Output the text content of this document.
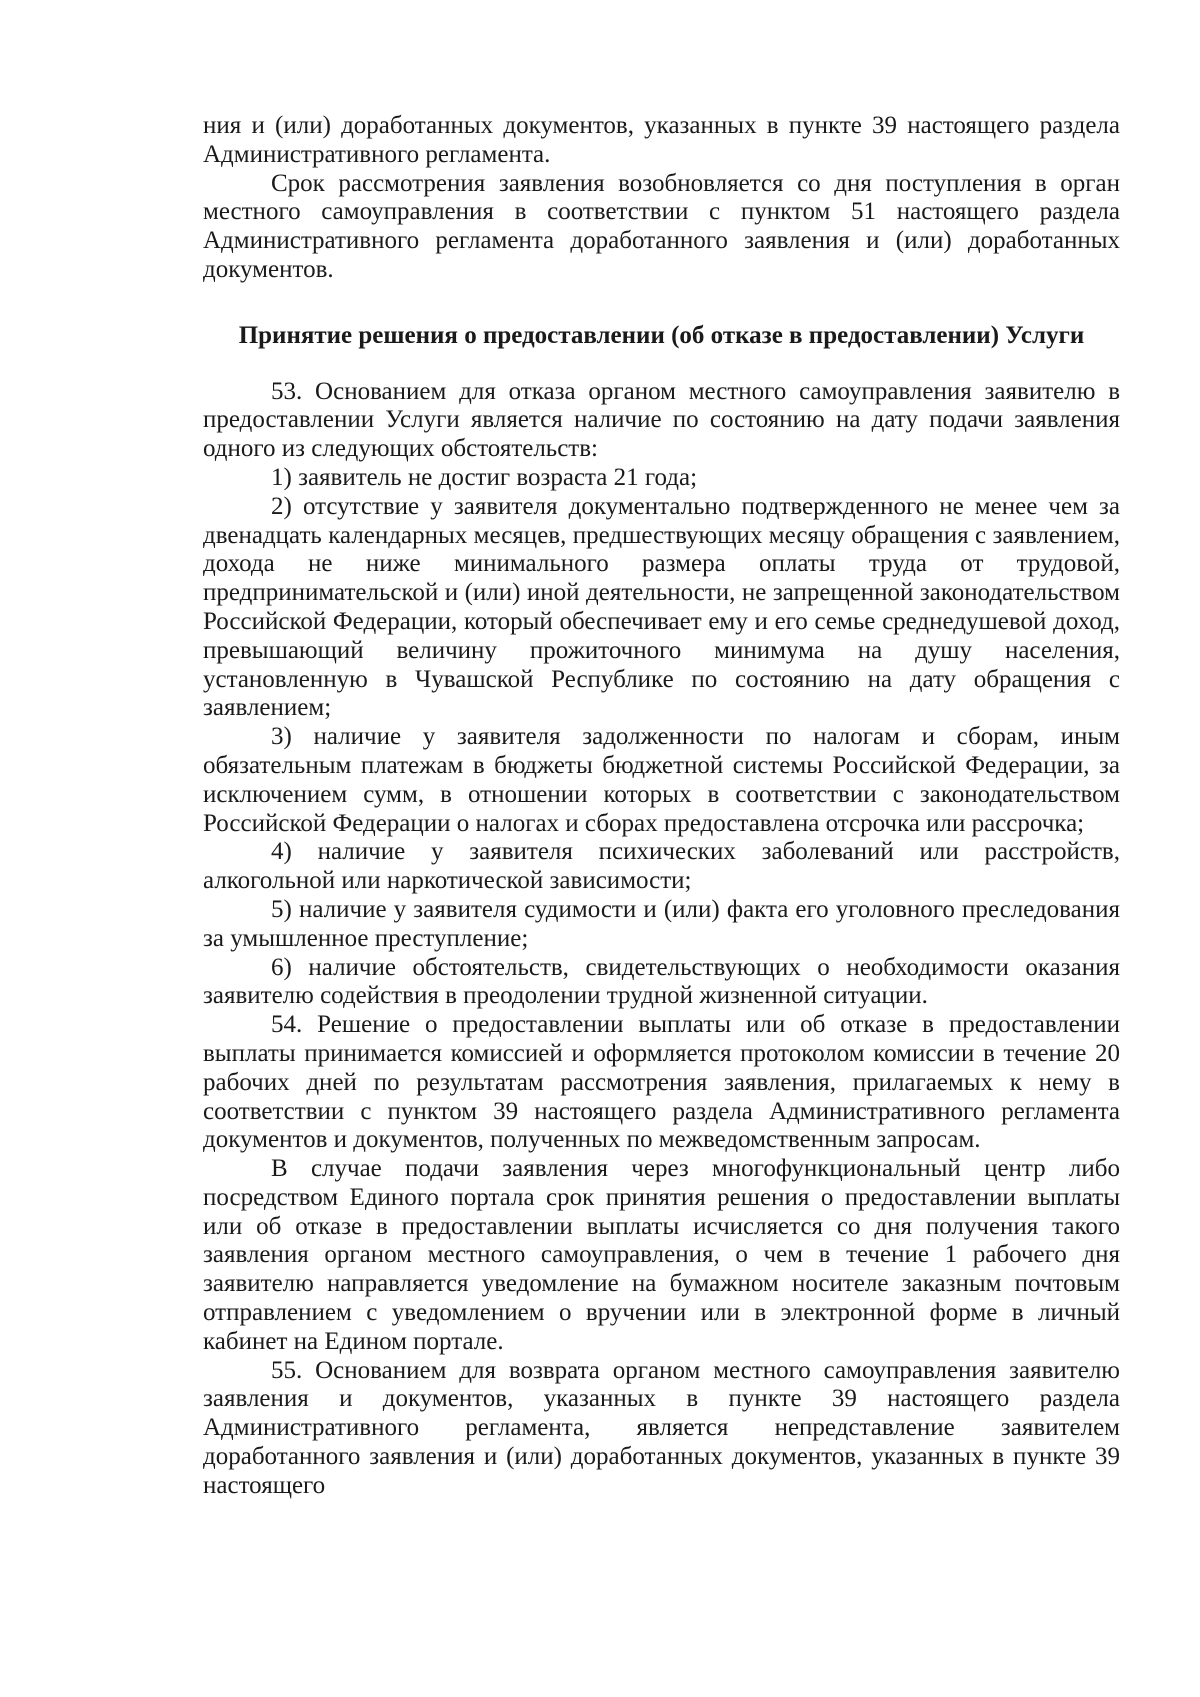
ния и (или) доработанных документов, указанных в пункте 39 настоящего раздела Административного регламента.

Срок рассмотрения заявления возобновляется со дня поступления в орган местного самоуправления в соответствии с пунктом 51 настоящего раздела Административного регламента доработанного заявления и (или) доработанных документов.

Принятие решения о предоставлении (об отказе в предоставлении) Услуги

53. Основанием для отказа органом местного самоуправления заявителю в предоставлении Услуги является наличие по состоянию на дату подачи заявления одного из следующих обстоятельств:

1) заявитель не достиг возраста 21 года;

2) отсутствие у заявителя документально подтвержденного не менее чем за двенадцать календарных месяцев, предшествующих месяцу обращения с заявлением, дохода не ниже минимального размера оплаты труда от трудовой, предпринимательской и (или) иной деятельности, не запрещенной законодательством Российской Федерации, который обеспечивает ему и его семье среднедушевой доход, превышающий величину прожиточного минимума на душу населения, установленную в Чувашской Республике по состоянию на дату обращения с заявлением;

3) наличие у заявителя задолженности по налогам и сборам, иным обязательным платежам в бюджеты бюджетной системы Российской Федерации, за исключением сумм, в отношении которых в соответствии с законодательством Российской Федерации о налогах и сборах предоставлена отсрочка или рассрочка;

4) наличие у заявителя психических заболеваний или расстройств, алкогольной или наркотической зависимости;

5) наличие у заявителя судимости и (или) факта его уголовного преследования за умышленное преступление;

6) наличие обстоятельств, свидетельствующих о необходимости оказания заявителю содействия в преодолении трудной жизненной ситуации.

54. Решение о предоставлении выплаты или об отказе в предоставлении выплаты принимается комиссией и оформляется протоколом комиссии в течение 20 рабочих дней по результатам рассмотрения заявления, прилагаемых к нему в соответствии с пунктом 39 настоящего раздела Административного регламента документов и документов, полученных по межведомственным запросам.

В случае подачи заявления через многофункциональный центр либо посредством Единого портала срок принятия решения о предоставлении выплаты или об отказе в предоставлении выплаты исчисляется со дня получения такого заявления органом местного самоуправления, о чем в течение 1 рабочего дня заявителю направляется уведомление на бумажном носителе заказным почтовым отправлением с уведомлением о вручении или в электронной форме в личный кабинет на Едином портале.

55. Основанием для возврата органом местного самоуправления заявителю заявления и документов, указанных в пункте 39 настоящего раздела Административного регламента, является непредставление заявителем доработанного заявления и (или) доработанных документов, указанных в пункте 39 настоящего
